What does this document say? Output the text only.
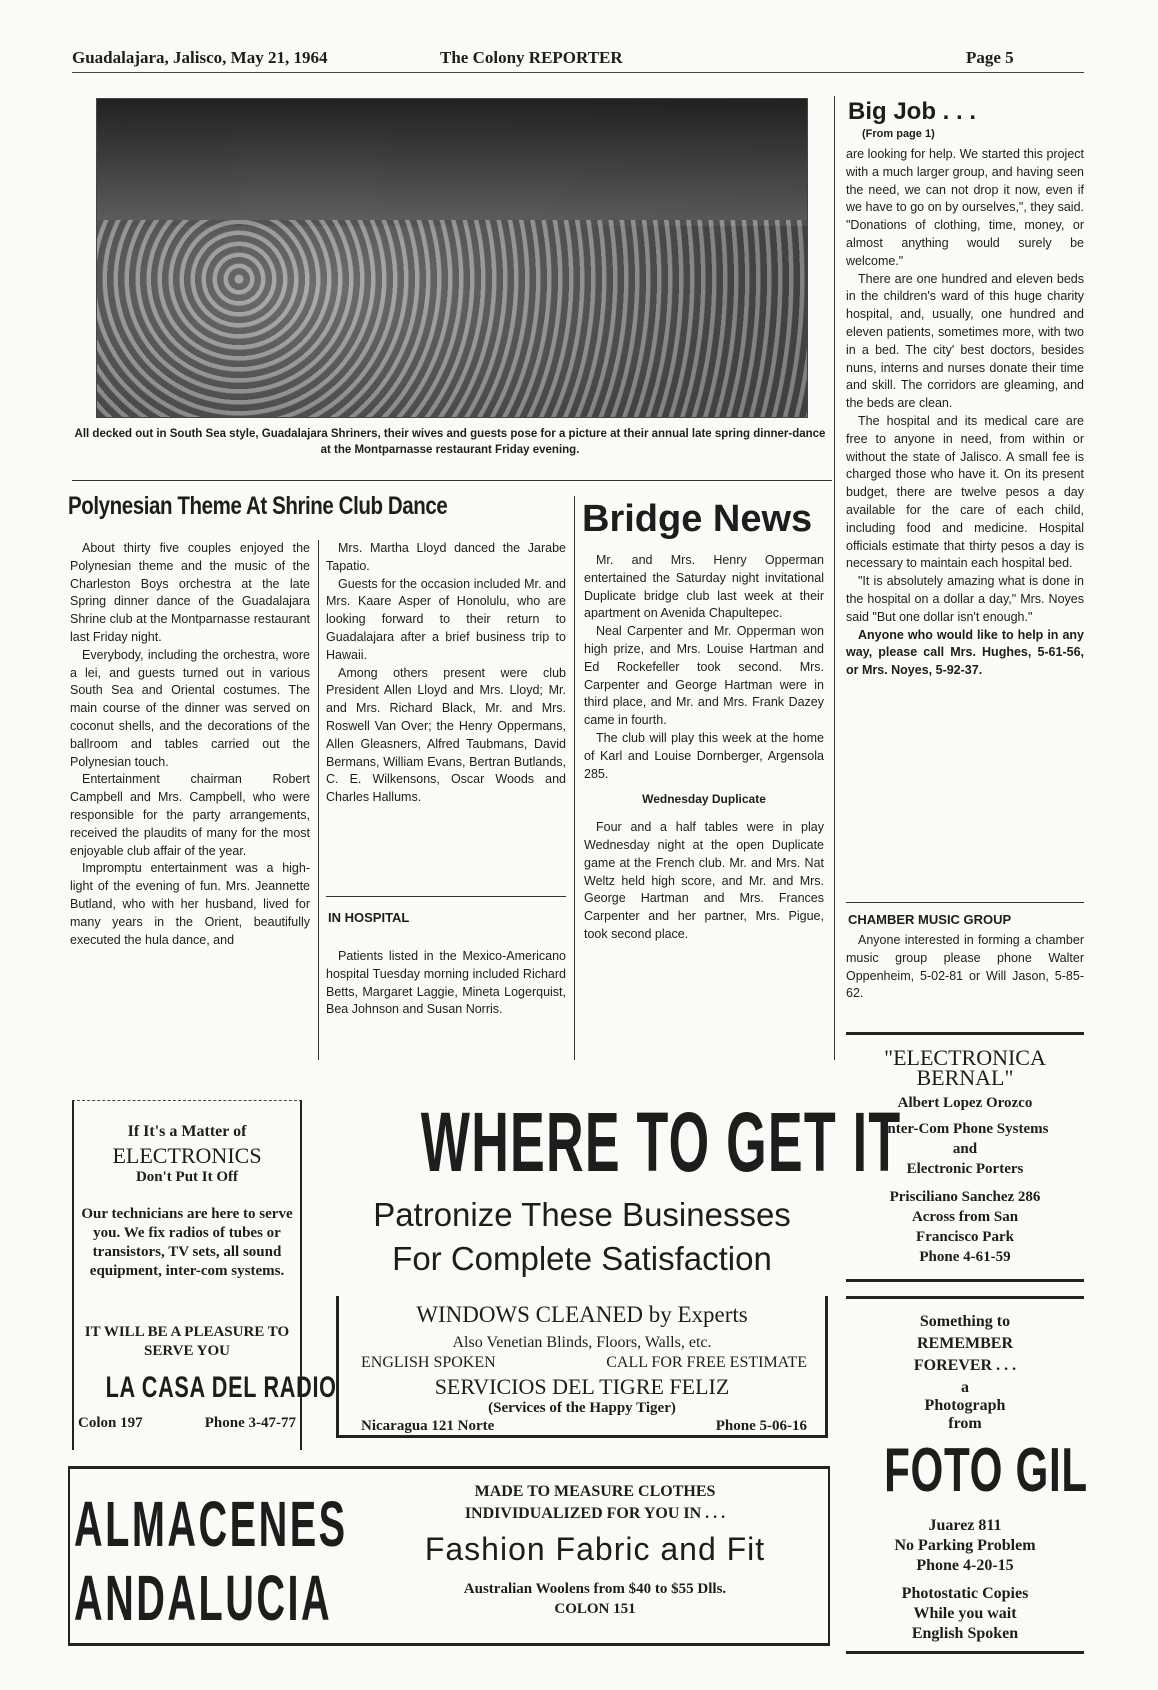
Guadalajara, Jalisco, May 21, 1964	The Colony REPORTER	Page 5
All decked out in South Sea style, Guadalajara Shriners, their wives and guests pose for a picture at their annual late spring dinner-dance at the Montparnasse restaurant Friday evening.
Polynesian Theme At Shrine Club Dance

About thirty five couples enjoyed the Polynesian theme and the music of the Charleston Boys orchestra at the late Spring dinner dance of the Guadalajara Shrine club at the Montparnasse restaurant last Friday night.

Everybody, including the orchestra, wore a lei, and guests turned out in various South Sea and Oriental costumes. The main course of the dinner was served on coconut shells, and the decorations of the ballroom and tables carried out the Polynesian touch.

Entertainment chairman Robert Campbell and Mrs. Campbell, who were responsible for the party arrangements, received the plaudits of many for the most enjoyable club affair of the year.

Impromptu entertainment was a high-light of the evening of fun. Mrs. Jeannette Butland, who with her husband, lived for many years in the Orient, beautifully executed the hula dance, and

Mrs. Martha Lloyd danced the Jarabe Tapatio.

Guests for the occasion included Mr. and Mrs. Kaare Asper of Honolulu, who are looking forward to their return to Guadalajara after a brief business trip to Hawaii.

Among others present were club President Allen Lloyd and Mrs. Lloyd; Mr. and Mrs. Richard Black, Mr. and Mrs. Roswell Van Over; the Henry Oppermans, Allen Gleasners, Alfred Taubmans, David Bermans, William Evans, Bertran Butlands, C. E. Wilkensons, Oscar Woods and Charles Hallums.

IN HOSPITAL
Patients listed in the Mexico-Americano hospital Tuesday morning included Richard Betts, Margaret Laggie, Mineta Logerquist, Bea Johnson and Susan Norris.
Bridge News

Mr. and Mrs. Henry Opperman entertained the Saturday night invitational Duplicate bridge club last week at their apartment on Avenida Chapultepec.

Neal Carpenter and Mr. Opperman won high prize, and Mrs. Louise Hartman and Ed Rockefeller took second. Mrs. Carpenter and George Hartman were in third place, and Mr. and Mrs. Frank Dazey came in fourth.

The club will play this week at the home of Karl and Louise Dornberger, Argensola 285.

Wednesday Duplicate

Four and a half tables were in play Wednesday night at the open Duplicate game at the French club. Mr. and Mrs. Nat Weltz held high score, and Mr. and Mrs. George Hartman and Mrs. Frances Carpenter and her partner, Mrs. Pigue, took second place.

Big Job . . .
(From page 1)

are looking for help. We started this project with a much larger group, and having seen the need, we can not drop it now, even if we have to go on by ourselves,", they said. "Donations of clothing, time, money, or almost anything would surely be welcome."

There are one hundred and eleven beds in the children's ward of this huge charity hospital, and, usually, one hundred and eleven patients, sometimes more, with two in a bed. The city' best doctors, besides nuns, interns and nurses donate their time and skill. The corridors are gleaming, and the beds are clean.

The hospital and its medical care are free to anyone in need, from within or without the state of Jalisco. A small fee is charged those who have it. On its present budget, there are twelve pesos a day available for the care of each child, including food and medicine. Hospital officials estimate that thirty pesos a day is necessary to maintain each hospital bed.

"It is absolutely amazing what is done in the hospital on a dollar a day," Mrs. Noyes said "But one dollar isn't enough."

Anyone who would like to help in any way, please call Mrs. Hughes, 5-61-56, or Mrs. Noyes, 5-92-37.

CHAMBER MUSIC GROUP
Anyone interested in forming a chamber music group please phone Walter Oppenheim, 5-02-81 or Will Jason, 5-85-62.
If It's a Matter of
ELECTRONICS
Don't Put It Off
Our technicians are here to serve you. We fix radios of tubes or transistors, TV sets, all sound equipment, inter-com systems.
IT WILL BE A PLEASURE TO SERVE YOU
LA CASA DEL RADIO
Colon 197	Phone 3-47-77
WHERE TO GET IT
Patronize These Businesses
For Complete Satisfaction
WINDOWS CLEANED by Experts
Also Venetian Blinds, Floors, Walls, etc.
ENGLISH SPOKEN	CALL FOR FREE ESTIMATE
SERVICIOS DEL TIGRE FELIZ
(Services of the Happy Tiger)
Nicaragua 121 Norte	Phone 5-06-16
"ELECTRONICA
BERNAL"
Albert Lopez Orozco
Inter-Com Phone Systems
and
Electronic Porters
Prisciliano Sanchez 286
Across from San
Francisco Park
Phone 4-61-59
Something to
REMEMBER
FOREVER . . .
a
Photograph
from
FOTO GIL
Juarez 811
No Parking Problem
Phone 4-20-15
Photostatic Copies
While you wait
English Spoken
ALMACENES
ANDALUCIA
MADE TO MEASURE CLOTHES
INDIVIDUALIZED FOR YOU IN . . .
Fashion Fabric and Fit
Australian Woolens from $40 to $55 Dlls.
COLON 151
